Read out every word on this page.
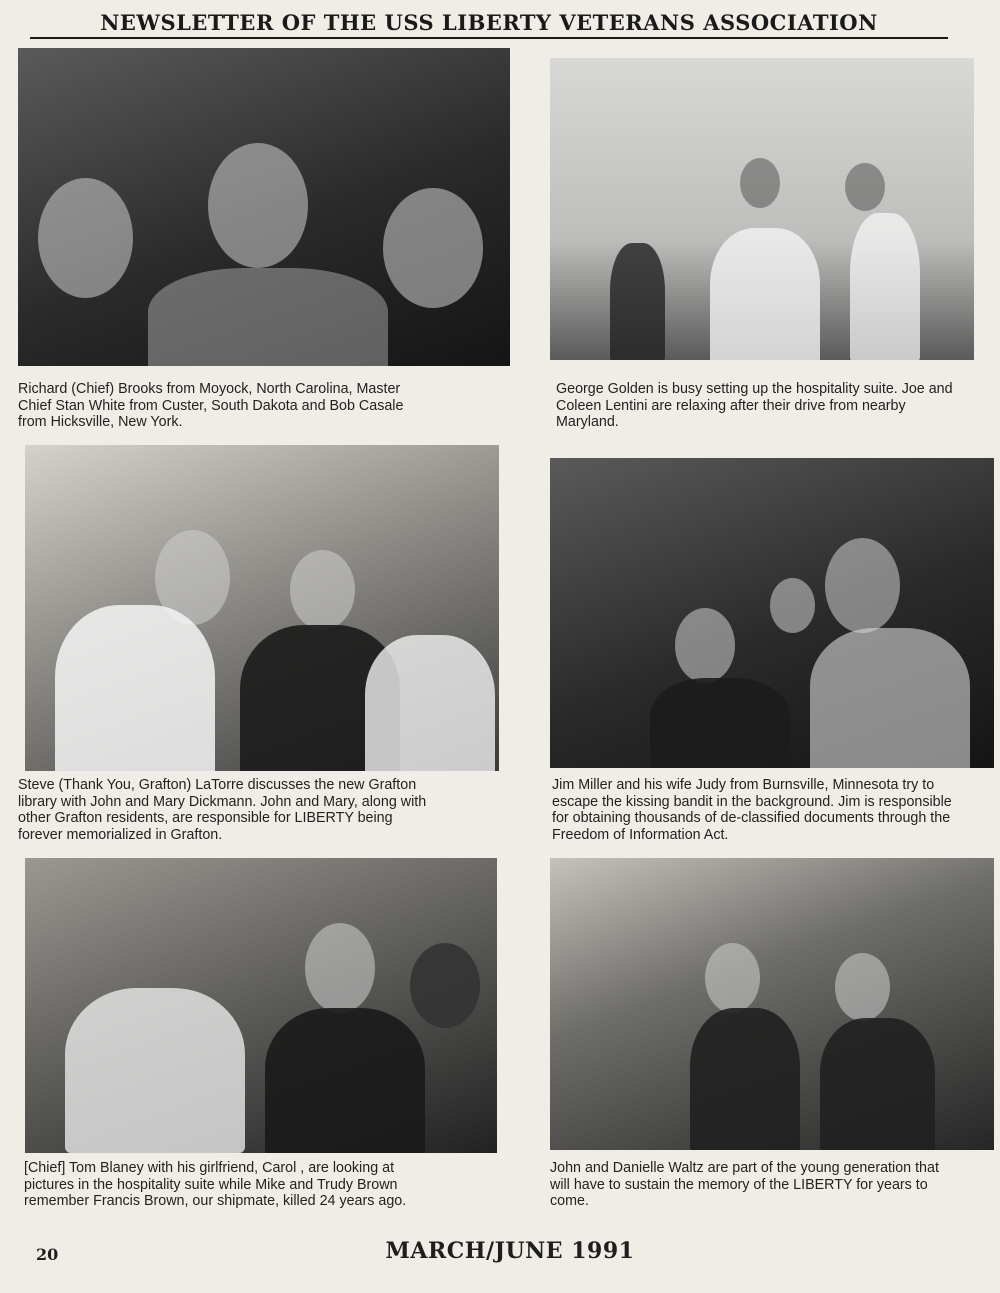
NEWSLETTER OF THE USS LIBERTY VETERANS ASSOCIATION
Richard (Chief) Brooks from Moyock, North Carolina, Master Chief Stan White from Custer, South Dakota and Bob Casale from Hicksville, New York.
George Golden is busy setting up the hospitality suite. Joe and Coleen Lentini are relaxing after their drive from nearby Maryland.
Steve (Thank You, Grafton) LaTorre discusses the new Grafton library with John and Mary Dickmann. John and Mary, along with other Grafton residents, are responsible for LIBERTY being forever memorialized in Grafton.
Jim Miller and his wife Judy from Burnsville, Minnesota try to escape the kissing bandit in the background. Jim is responsible for obtaining thousands of de-classified documents through the Freedom of Information Act.
[Chief] Tom Blaney with his girlfriend, Carol , are looking at pictures in the hospitality suite while Mike and Trudy Brown remember Francis Brown, our shipmate, killed 24 years ago.
John and Danielle Waltz are part of the young generation that will have to sustain the memory of the LIBERTY for years to come.
20	MARCH/JUNE 1991
